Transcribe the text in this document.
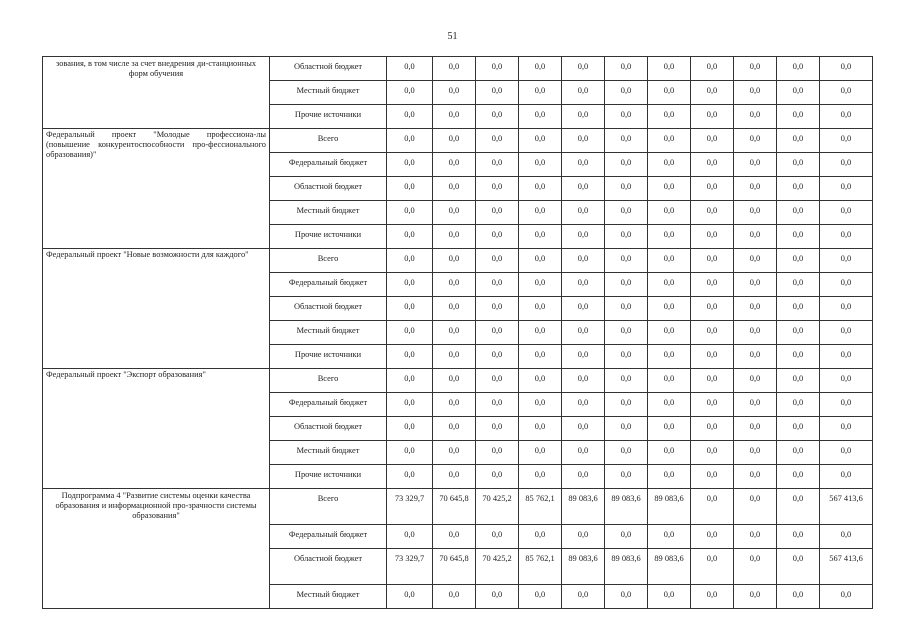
51
зования, в том числе за счет внедрения ди-станционных форм обучения	Областной бюджет	0,0	0,0	0,0	0,0	0,0	0,0	0,0	0,0	0,0	0,0	0,0
	Местный бюджет	0,0	0,0	0,0	0,0	0,0	0,0	0,0	0,0	0,0	0,0	0,0
	Прочие источники	0,0	0,0	0,0	0,0	0,0	0,0	0,0	0,0	0,0	0,0	0,0
Федеральный проект "Молодые профессиона-лы (повышение конкурентоспособности про-фессионального образования)"	Всего	0,0	0,0	0,0	0,0	0,0	0,0	0,0	0,0	0,0	0,0	0,0
	Федеральный бюджет	0,0	0,0	0,0	0,0	0,0	0,0	0,0	0,0	0,0	0,0	0,0
	Областной бюджет	0,0	0,0	0,0	0,0	0,0	0,0	0,0	0,0	0,0	0,0	0,0
	Местный бюджет	0,0	0,0	0,0	0,0	0,0	0,0	0,0	0,0	0,0	0,0	0,0
	Прочие источники	0,0	0,0	0,0	0,0	0,0	0,0	0,0	0,0	0,0	0,0	0,0
Федеральный проект "Новые возможности для каждого"	Всего	0,0	0,0	0,0	0,0	0,0	0,0	0,0	0,0	0,0	0,0	0,0
	Федеральный бюджет	0,0	0,0	0,0	0,0	0,0	0,0	0,0	0,0	0,0	0,0	0,0
	Областной бюджет	0,0	0,0	0,0	0,0	0,0	0,0	0,0	0,0	0,0	0,0	0,0
	Местный бюджет	0,0	0,0	0,0	0,0	0,0	0,0	0,0	0,0	0,0	0,0	0,0
	Прочие источники	0,0	0,0	0,0	0,0	0,0	0,0	0,0	0,0	0,0	0,0	0,0
Федеральный проект "Экспорт образования"	Всего	0,0	0,0	0,0	0,0	0,0	0,0	0,0	0,0	0,0	0,0	0,0
	Федеральный бюджет	0,0	0,0	0,0	0,0	0,0	0,0	0,0	0,0	0,0	0,0	0,0
	Областной бюджет	0,0	0,0	0,0	0,0	0,0	0,0	0,0	0,0	0,0	0,0	0,0
	Местный бюджет	0,0	0,0	0,0	0,0	0,0	0,0	0,0	0,0	0,0	0,0	0,0
	Прочие источники	0,0	0,0	0,0	0,0	0,0	0,0	0,0	0,0	0,0	0,0	0,0
Подпрограмма 4 "Развитие системы оценки качества образования и информационной про-зрачности системы образования"	Всего	73 329,7	70 645,8	70 425,2	85 762,1	89 083,6	89 083,6	89 083,6	0,0	0,0	0,0	567 413,6
	Федеральный бюджет	0,0	0,0	0,0	0,0	0,0	0,0	0,0	0,0	0,0	0,0	0,0
	Областной бюджет	73 329,7	70 645,8	70 425,2	85 762,1	89 083,6	89 083,6	89 083,6	0,0	0,0	0,0	567 413,6
	Местный бюджет	0,0	0,0	0,0	0,0	0,0	0,0	0,0	0,0	0,0	0,0	0,0
